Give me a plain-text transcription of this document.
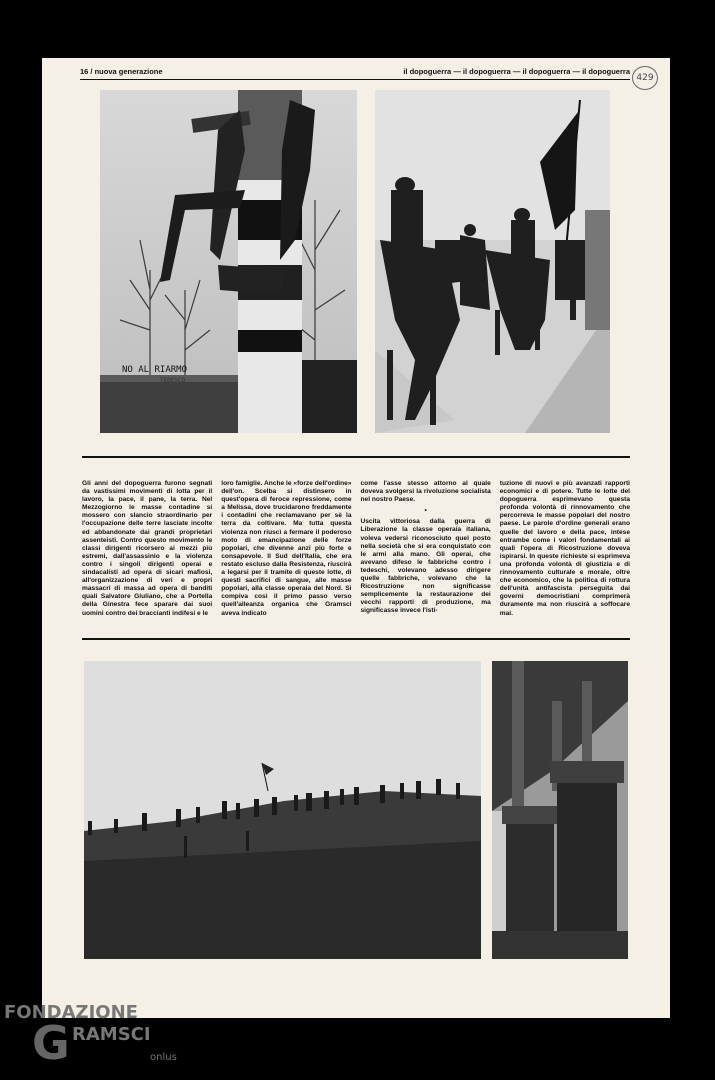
16 / nuova generazione	il dopoguerra — il dopoguerra — il dopoguerra — il dopoguerra
429
NO AL RIARMO
TEDESCO

Gli anni del dopoguerra furono segnati da vastissimi movimenti di lotta per il lavoro, la pace, il pane, la terra. Nel Mezzogiorno le masse contadine si mossero con slancio straordinario per l'occupazione delle terre lasciate incolte ed abbandonate dai grandi proprietari assenteisti. Contro questo movimento le classi dirigenti ricorsero ai mezzi più estremi, dall'assassinio e la violenza contro i singoli dirigenti operai e sindacalisti ad opera di sicari mafiosi, all'organizzazione di veri e propri massacri di massa ad opera di banditi quali Salvatore Giuliano, che a Portella della Ginestra fece sparare dai suoi uomini contro dei braccianti indifesi e le

loro famiglie. Anche le «forze dell'ordine» dell'on. Scelba si distinsero in quest'opera di feroce repressione, come a Melissa, dove trucidarono freddamente i contadini che reclamavano per sè la terra da coltivare. Ma tutta questa violenza non riuscì a fermare il poderoso moto di emancipazione delle forze popolari, che divenne anzi più forte e consapevole. Il Sud dell'Italia, che era restato escluso dalla Resistenza, riuscirà a legarsi per il tramite di queste lotte, di questi sacrifici di sangue, alle masse popolari, alla classe operaia del Nord. Si compiva così il primo passo verso quell'alleanza organica che Gramsci aveva indicato

come l'asse stesso attorno al quale doveva svolgersi la rivoluzione socialista nel nostro Paese.

•

Uscita vittoriosa dalla guerra di Liberazione la classe operaia italiana, voleva vedersi riconosciuto quel posto nella società che si era conquistato con le armi alla mano. Gli operai, che avevano difeso le fabbriche contro i tedeschi, volevano adesso dirigere quelle fabbriche, volevano che la Ricostruzione non significasse semplicemente la restaurazione dei vecchi rapporti di produzione, ma significasse invece l'isti-

tuzione di nuovi e più avanzati rapporti economici e di potere. Tutte le lotte del dopoguerra esprimevano questa profonda volontà di rinnovamento che percorreva le masse popolari del nostro paese. Le parole d'ordine generali erano quelle del lavoro e della pace, intese entrambe come i valori fondamentali ai quali l'opera di Ricostruzione doveva ispirarsi. In queste richieste si esprimeva una profonda volontà di giustizia e di rinnovamento culturale e morale, oltre che economico, che la politica di rottura dell'unità antifascista perseguita dai governi democristiani comprimerà duramente ma non riuscirà a soffocare mai.

FONDAZIONE
G RAMSCI
onlus
